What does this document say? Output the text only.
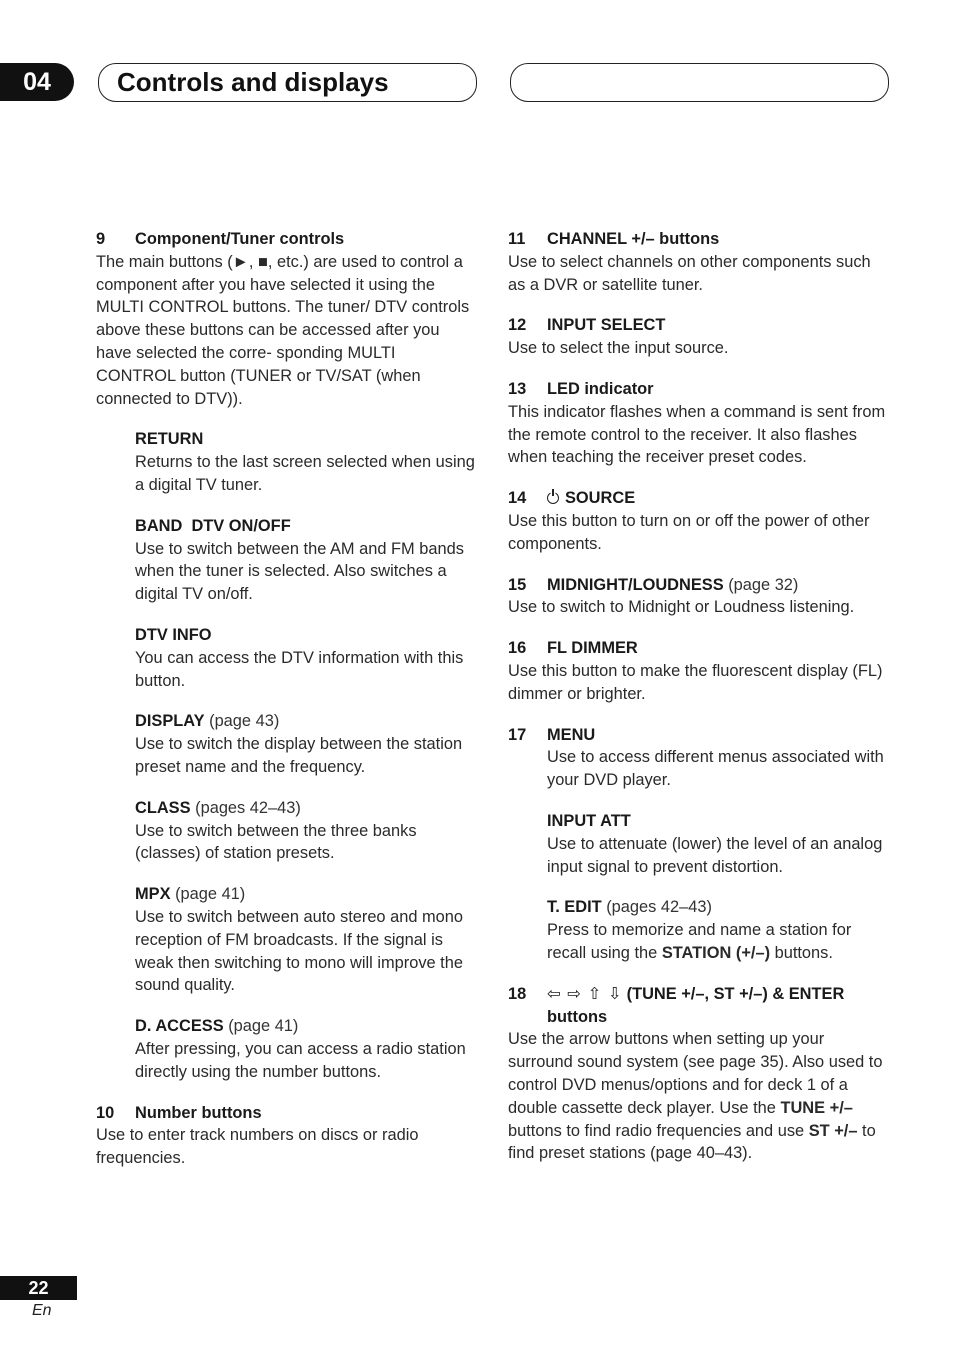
04	Controls and displays
9	Component/Tuner controls
The main buttons (►, ■, etc.) are used to control a component after you have selected it using the MULTI CONTROL buttons. The tuner/ DTV controls above these buttons can be accessed after you have selected the corre- sponding MULTI CONTROL button (TUNER or TV/SAT (when connected to DTV)).
RETURN
Returns to the last screen selected when using a digital TV tuner.
BAND  DTV ON/OFF
Use to switch between the AM and FM bands when the tuner is selected. Also switches a digital TV on/off.
DTV INFO
You can access the DTV information with this button.
DISPLAY (page 43)
Use to switch the display between the station preset name and the frequency.
CLASS (pages 42–43)
Use to switch between the three banks (classes) of station presets.
MPX (page 41)
Use to switch between auto stereo and mono reception of FM broadcasts. If the signal is weak then switching to mono will improve the sound quality.
D. ACCESS (page 41)
After pressing, you can access a radio station directly using the number buttons.
10	Number buttons
Use to enter track numbers on discs or radio frequencies.
11	CHANNEL +/– buttons
Use to select channels on other components such as a DVR or satellite tuner.
12	INPUT SELECT
Use to select the input source.
13	LED indicator
This indicator flashes when a command is sent from the remote control to the receiver. It also flashes when teaching the receiver preset codes.
14	SOURCE
Use this button to turn on or off the power of other components.
15	MIDNIGHT/LOUDNESS (page 32)
Use to switch to Midnight or Loudness listening.
16	FL DIMMER
Use this button to make the fluorescent display (FL) dimmer or brighter.
17	MENU
Use to access different menus associated with your DVD player.
INPUT ATT
Use to attenuate (lower) the level of an analog input signal to prevent distortion.
T. EDIT (pages 42–43)
Press to memorize and name a station for recall using the STATION (+/–) buttons.
18	⇦ ⇨ ⇧ ⇩ (TUNE +/–, ST +/–) & ENTER buttons
Use the arrow buttons when setting up your surround sound system (see page 35). Also used to control DVD menus/options and for deck 1 of a double cassette deck player. Use the TUNE +/– buttons to find radio frequencies and use ST +/– to find preset stations (page 40–43).
22
En
